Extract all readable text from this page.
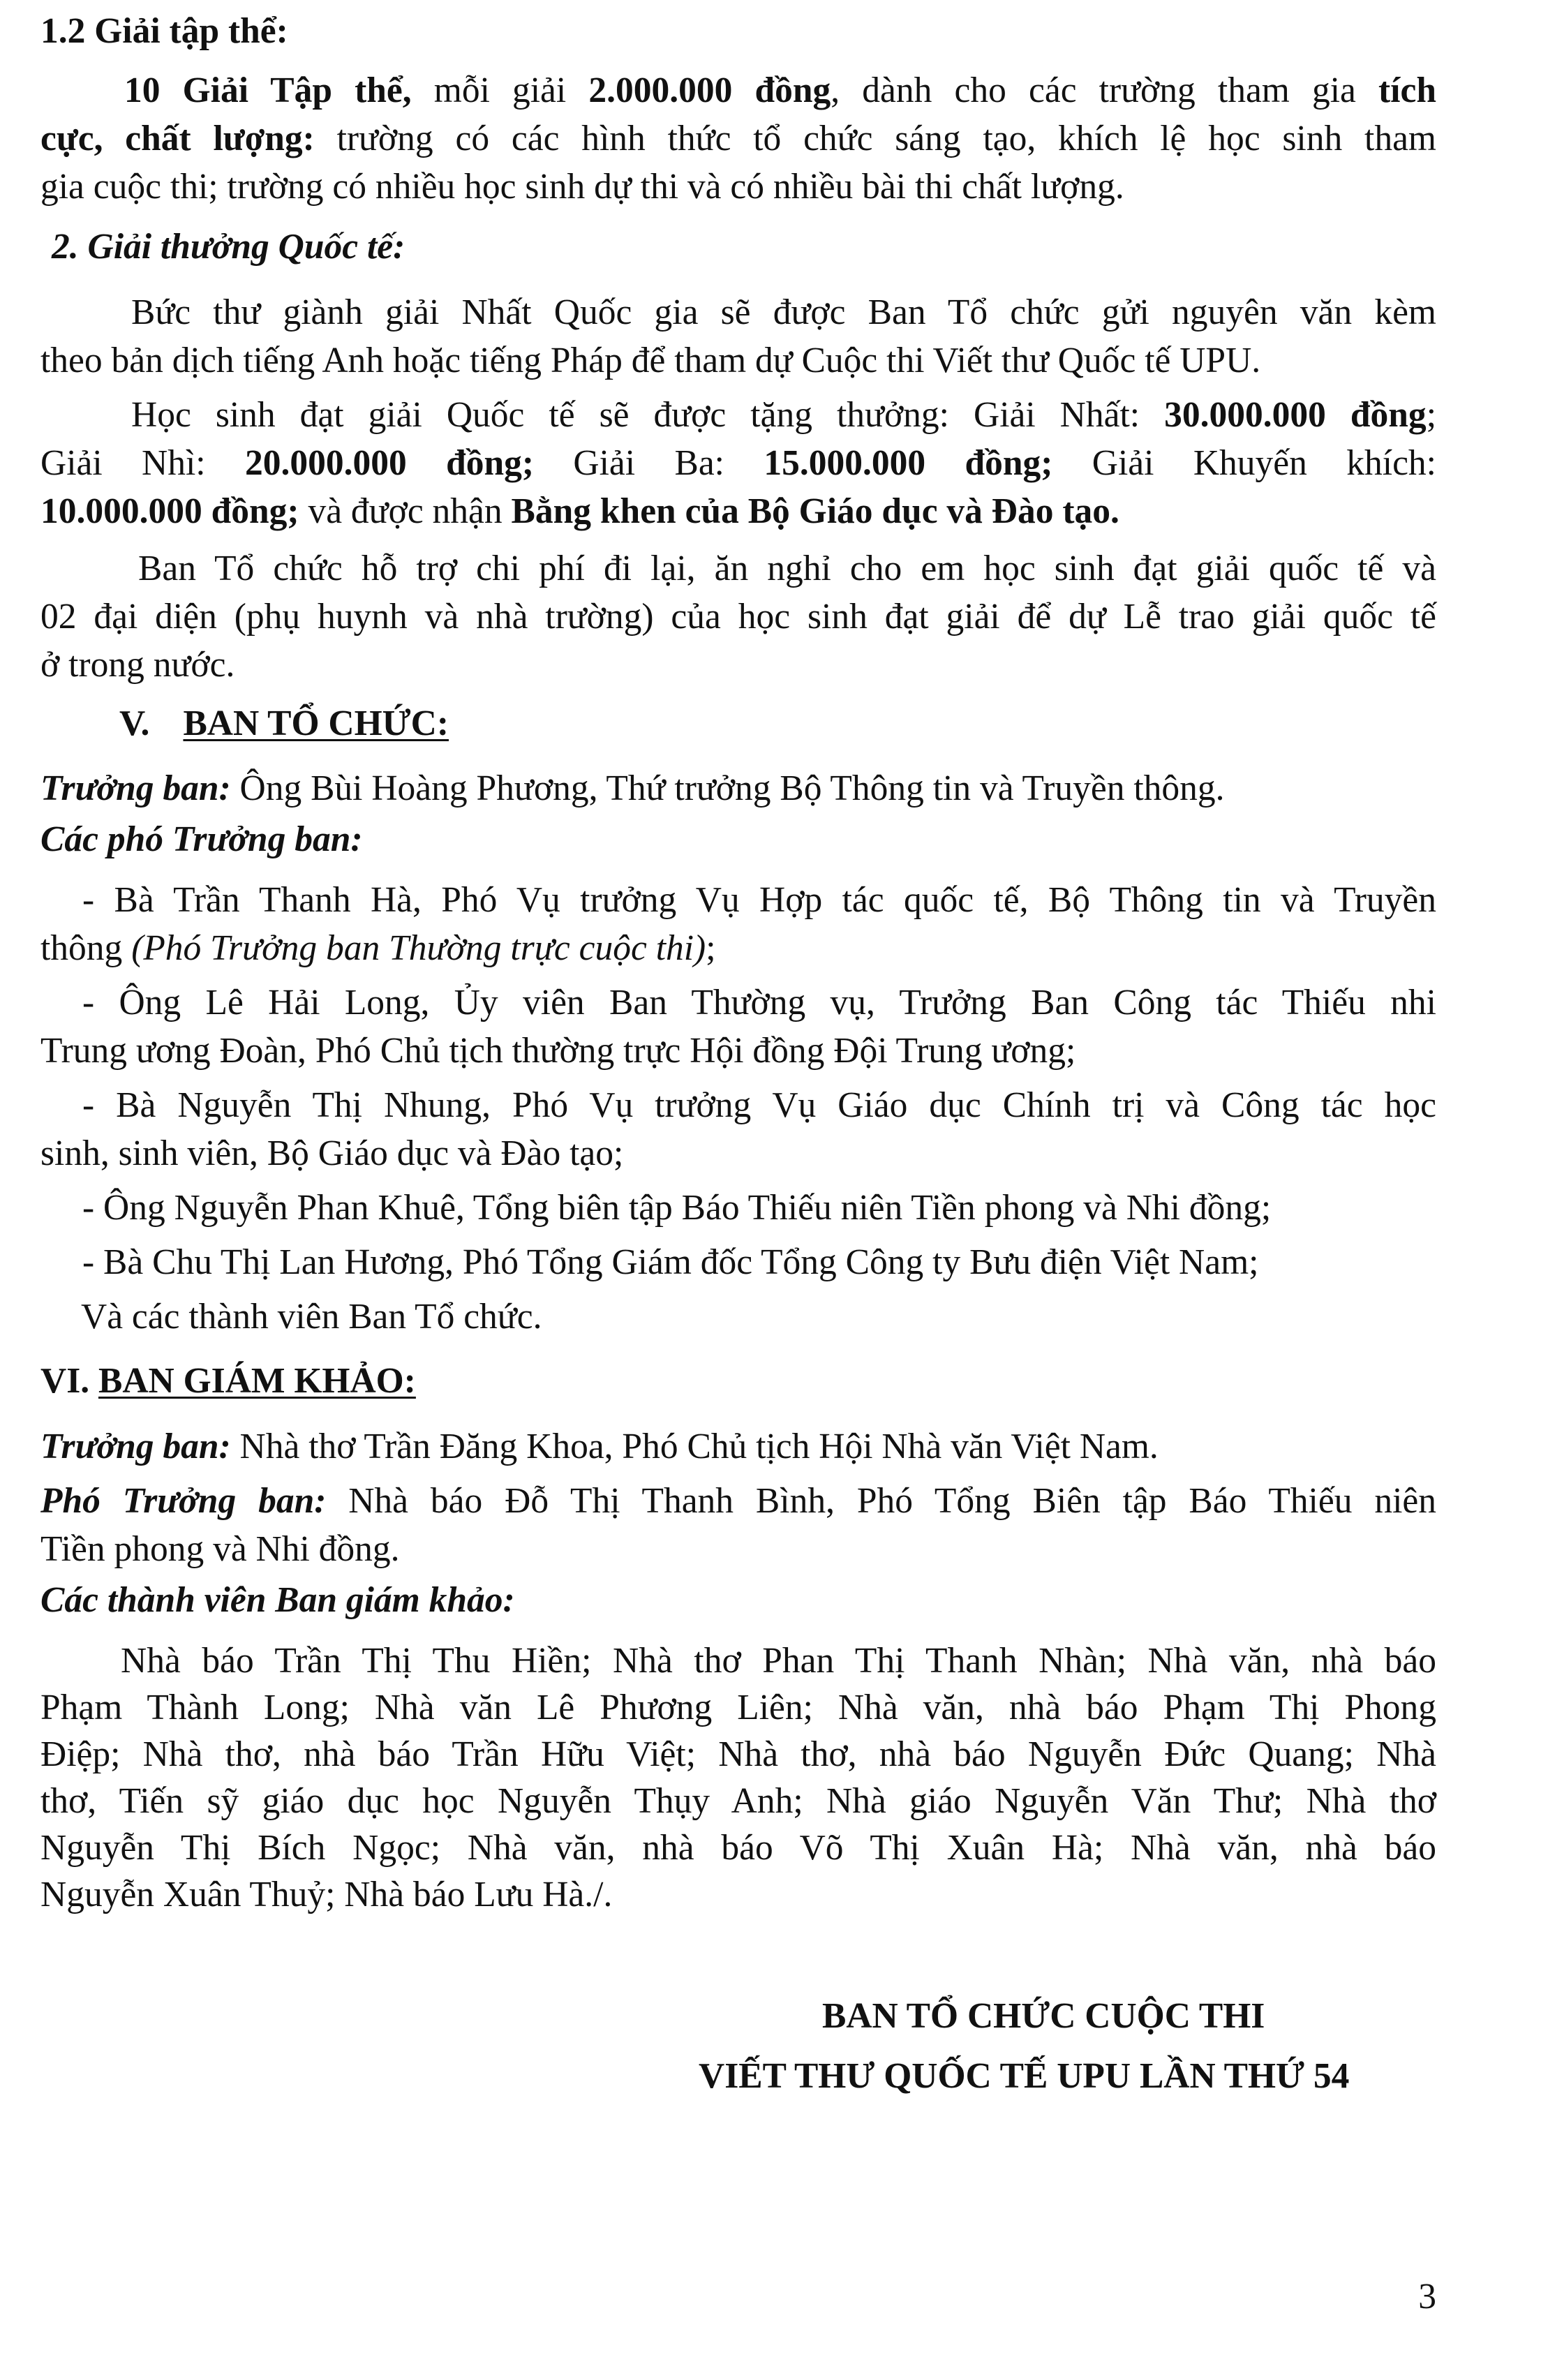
1.2 Giải tập thể:
10 Giải Tập thể, mỗi giải 2.000.000 đồng, dành cho các trường tham gia tích
cực, chất lượng: trường có các hình thức tổ chức sáng tạo, khích lệ học sinh tham
gia cuộc thi; trường có nhiều học sinh dự thi và có nhiều bài thi chất lượng.
2. Giải thưởng Quốc tế:
Bức thư giành giải Nhất Quốc gia sẽ được Ban Tổ chức gửi nguyên văn kèm
theo bản dịch tiếng Anh hoặc tiếng Pháp để tham dự Cuộc thi Viết thư Quốc tế UPU.
Học sinh đạt giải Quốc tế sẽ được tặng thưởng: Giải Nhất: 30.000.000 đồng;
Giải Nhì: 20.000.000 đồng; Giải Ba: 15.000.000 đồng; Giải Khuyến khích:
10.000.000 đồng; và được nhận Bằng khen của Bộ Giáo dục và Đào tạo.
Ban Tổ chức hỗ trợ chi phí đi lại, ăn nghỉ cho em học sinh đạt giải quốc tế và
02 đại diện (phụ huynh và nhà trường) của học sinh đạt giải để dự Lễ trao giải quốc tế
ở trong nước.
V. BAN TỔ CHỨC:
Trưởng ban: Ông Bùi Hoàng Phương, Thứ trưởng Bộ Thông tin và Truyền thông.
Các phó Trưởng ban:
- Bà Trần Thanh Hà, Phó Vụ trưởng Vụ Hợp tác quốc tế, Bộ Thông tin và Truyền
thông (Phó Trưởng ban Thường trực cuộc thi);
- Ông Lê Hải Long, Ủy viên Ban Thường vụ, Trưởng Ban Công tác Thiếu nhi
Trung ương Đoàn, Phó Chủ tịch thường trực Hội đồng Đội Trung ương;
- Bà Nguyễn Thị Nhung, Phó Vụ trưởng Vụ Giáo dục Chính trị và Công tác học
sinh, sinh viên, Bộ Giáo dục và Đào tạo;
- Ông Nguyễn Phan Khuê, Tổng biên tập Báo Thiếu niên Tiền phong và Nhi đồng;
- Bà Chu Thị Lan Hương, Phó Tổng Giám đốc Tổng Công ty Bưu điện Việt Nam;
Và các thành viên Ban Tổ chức.
VI. BAN GIÁM KHẢO:
Trưởng ban: Nhà thơ Trần Đăng Khoa, Phó Chủ tịch Hội Nhà văn Việt Nam.
Phó Trưởng ban: Nhà báo Đỗ Thị Thanh Bình, Phó Tổng Biên tập Báo Thiếu niên
Tiền phong và Nhi đồng.
Các thành viên Ban giám khảo:
Nhà báo Trần Thị Thu Hiền; Nhà thơ Phan Thị Thanh Nhàn; Nhà văn, nhà báo
Phạm Thành Long; Nhà văn Lê Phương Liên; Nhà văn, nhà báo Phạm Thị Phong
Điệp; Nhà thơ, nhà báo Trần Hữu Việt; Nhà thơ, nhà báo Nguyễn Đức Quang; Nhà
thơ, Tiến sỹ giáo dục học Nguyễn Thụy Anh; Nhà giáo Nguyễn Văn Thư; Nhà thơ
Nguyễn Thị Bích Ngọc; Nhà văn, nhà báo Võ Thị Xuân Hà; Nhà văn, nhà báo
Nguyễn Xuân Thuỷ; Nhà báo Lưu Hà./.
BAN TỔ CHỨC CUỘC THI
VIẾT THƯ QUỐC TẾ UPU LẦN THỨ 54
3
